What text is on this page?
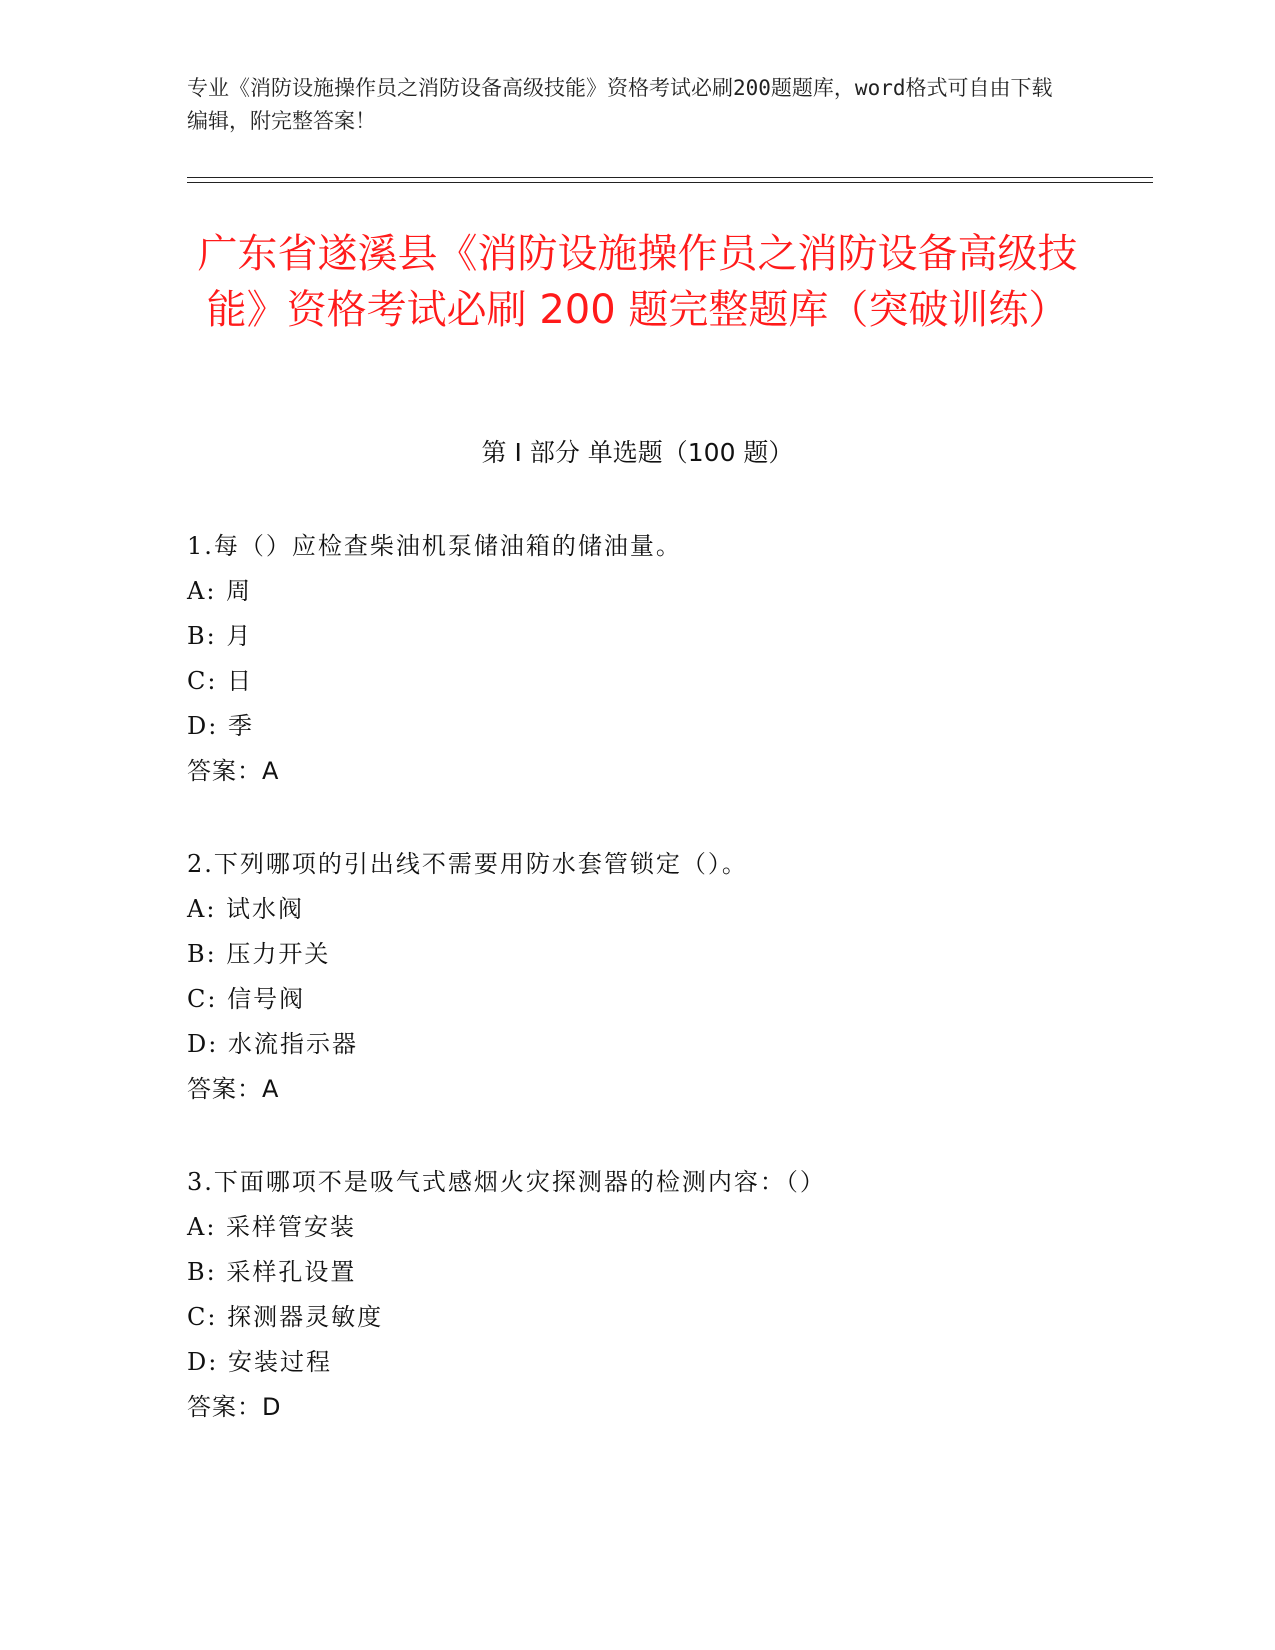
专业《消防设施操作员之消防设备高级技能》资格考试必刷200题题库，word格式可自由下载编辑，附完整答案！
广东省遂溪县《消防设施操作员之消防设备高级技能》资格考试必刷 200 题完整题库（突破训练）
第 I 部分 单选题（100 题）
1.每（）应检查柴油机泵储油箱的储油量。
A: 周
B: 月
C: 日
D: 季
答案：A
2.下列哪项的引出线不需要用防水套管锁定（）。
A: 试水阀
B: 压力开关
C: 信号阀
D: 水流指示器
答案：A
3.下面哪项不是吸气式感烟火灾探测器的检测内容：（）
A: 采样管安装
B: 采样孔设置
C: 探测器灵敏度
D: 安装过程
答案：D
